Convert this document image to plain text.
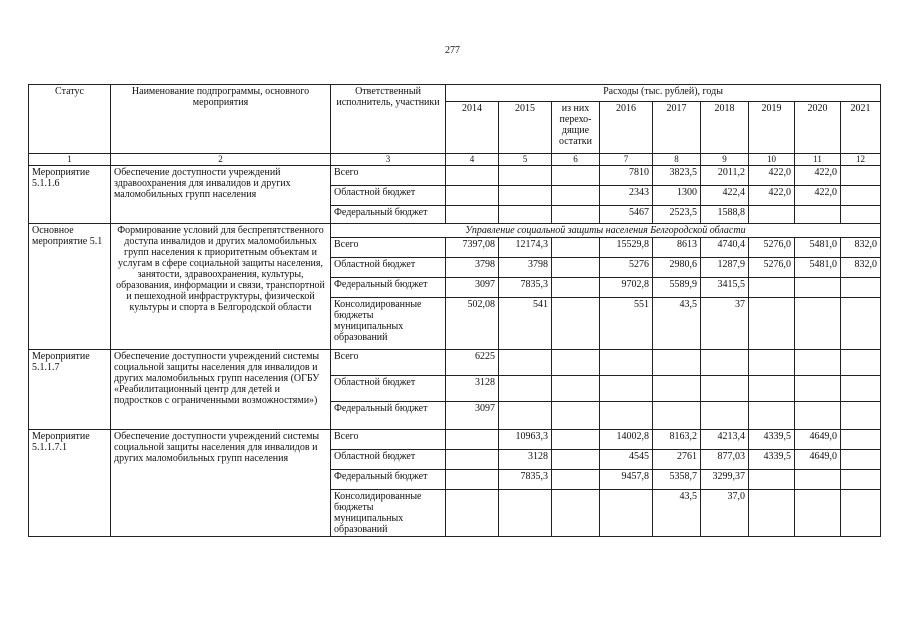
277
Статус	Наименование подпрограммы, основного мероприятия	Ответственный исполнитель, участники	Расходы (тыс. рублей), годы								
			2014	2015	из них перехо-дящие остатки	2016	2017	2018	2019	2020	2021
1	2	3	4	5	6	7	8	9	10	11	12
Мероприятие 5.1.1.6	Обеспечение доступности учреждений здравоохранения для инвалидов и других маломобильных групп населения	Всего				7810	3823,5	2011,2	422,0	422,0	
		Областной бюджет				2343	1300	422,4	422,0	422,0	
		Федеральный бюджет				5467	2523,5	1588,8			
Основное мероприятие 5.1	Формирование условий для беспрепятственного доступа инвалидов и других маломобильных групп населения к приоритетным объектам и услугам в сфере социальной защиты населения, занятости, здравоохранения, культуры, образования, информации и связи, транспортной и пешеходной инфраструктуры, физической культуры и спорта в Белгородской области	Управление социальной защиты населения Белгородской области									
		Всего	7397,08	12174,3		15529,8	8613	4740,4	5276,0	5481,0	832,0
		Областной бюджет	3798	3798		5276	2980,6	1287,9	5276,0	5481,0	832,0
		Федеральный бюджет	3097	7835,3		9702,8	5589,9	3415,5			
		Консолидированные бюджеты муниципальных образований	502,08	541		551	43,5	37			
Мероприятие 5.1.1.7	Обеспечение доступности учреждений системы социальной защиты населения для инвалидов и других маломобильных групп населения (ОГБУ «Реабилитационный центр для детей и подростков с ограниченными возможностями»)	Всего	6225								
		Областной бюджет	3128								
		Федеральный бюджет	3097								
Мероприятие 5.1.1.7.1	Обеспечение доступности учреждений системы социальной защиты населения для инвалидов и других маломобильных групп населения	Всего		10963,3		14002,8	8163,2	4213,4	4339,5	4649,0	
		Областной бюджет		3128		4545	2761	877,03	4339,5	4649,0	
		Федеральный бюджет		7835,3		9457,8	5358,7	3299,37			
		Консолидированные бюджеты муниципальных образований					43,5	37,0			
